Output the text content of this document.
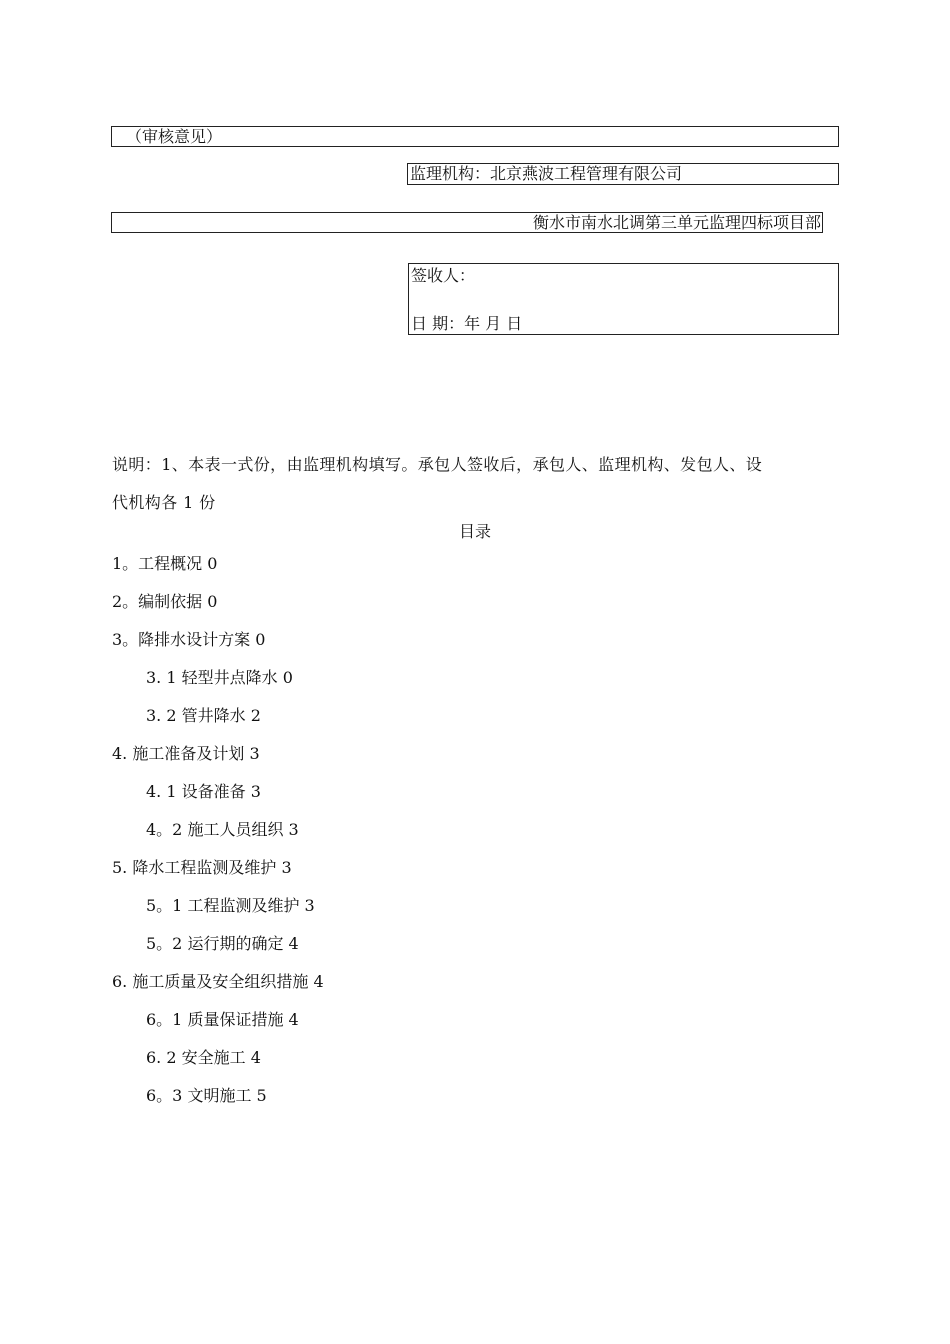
（审核意见）
监理机构：北京燕波工程管理有限公司
衡水市南水北调第三单元监理四标项目部
签收人：
日 期：年 月 日
说明：1、本表一式份，由监理机构填写。承包人签收后，承包人、监理机构、发包人、设
代机构各 1 份
目录
1。工程概况 0
2。编制依据 0
3。降排水设计方案 0
3. 1 轻型井点降水 0
3. 2 管井降水 2
4. 施工准备及计划 3
4. 1 设备准备 3
4。2 施工人员组织 3
5. 降水工程监测及维护 3
5。1 工程监测及维护 3
5。2 运行期的确定 4
6. 施工质量及安全组织措施 4
6。1 质量保证措施 4
6. 2 安全施工 4
6。3 文明施工 5
